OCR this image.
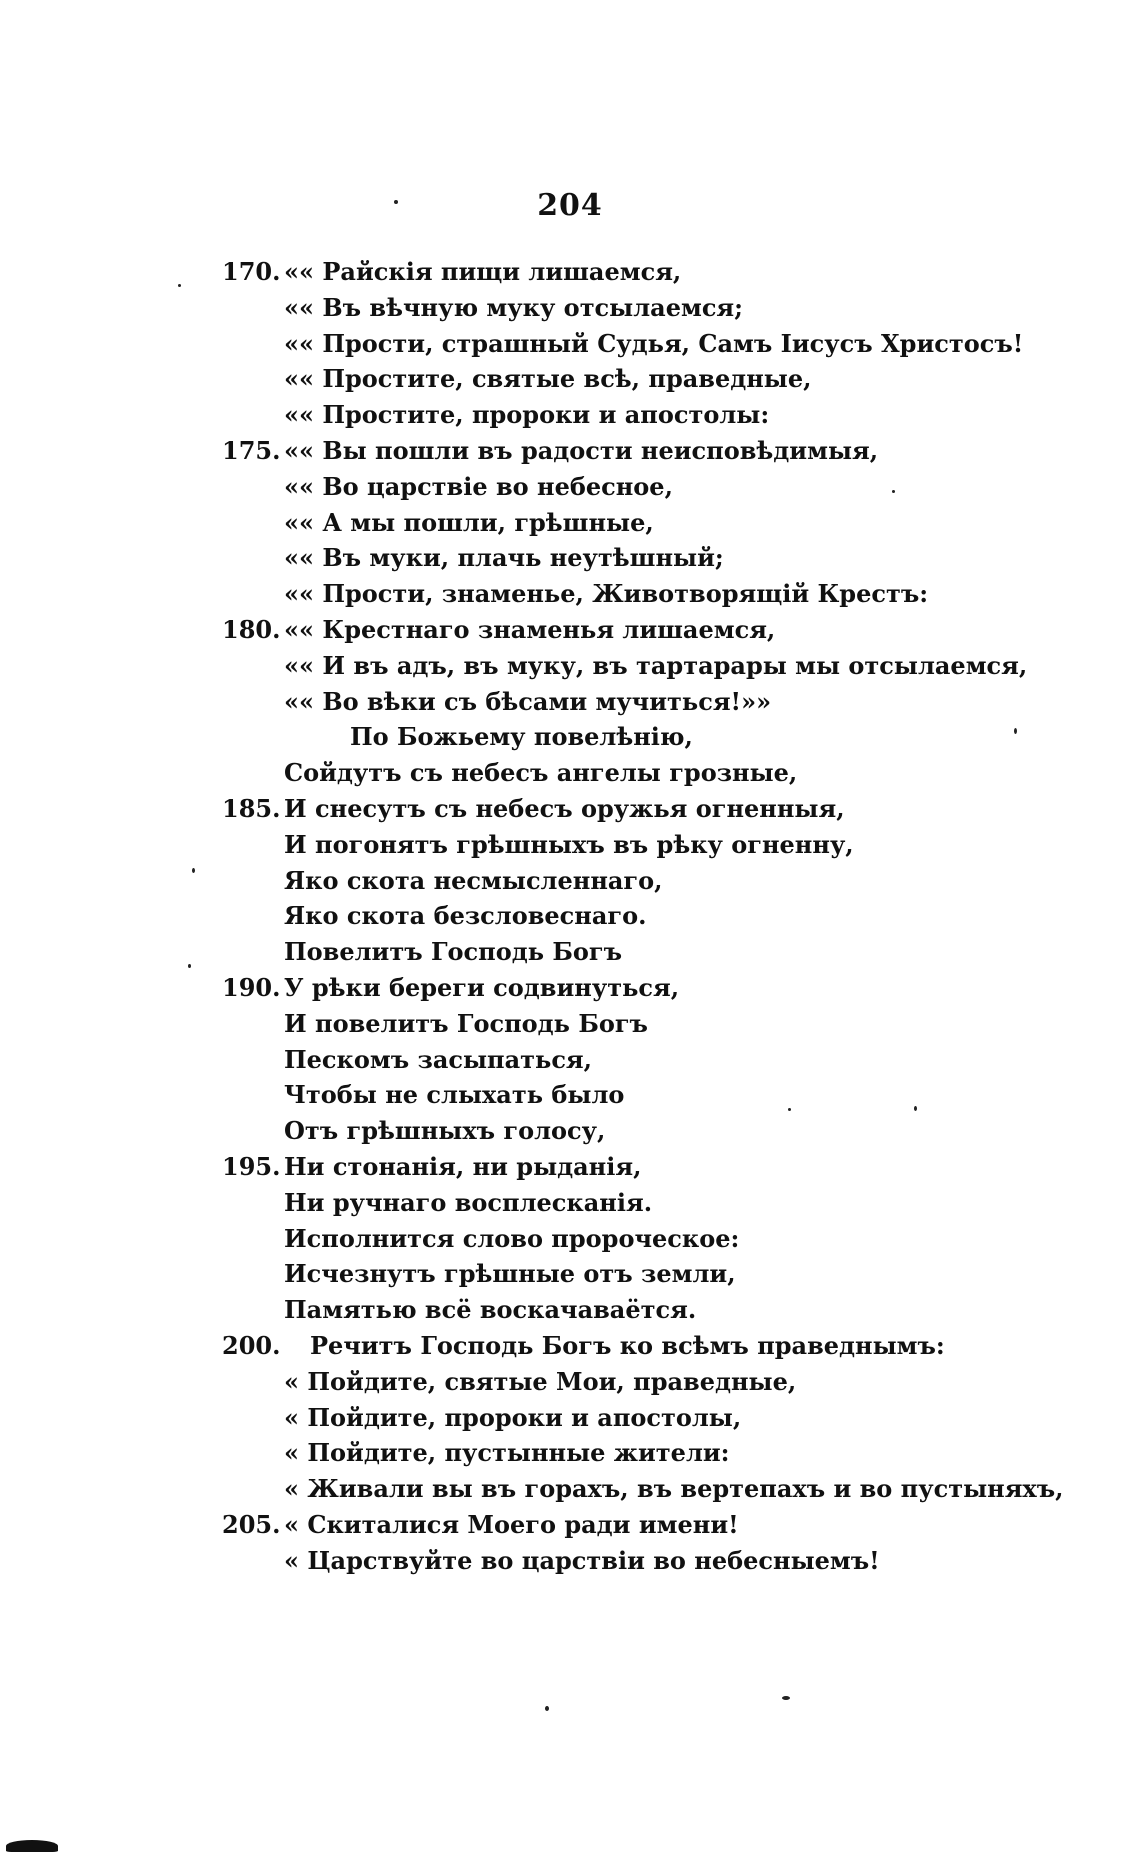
204
170. «« Райскія пищи лишаемся,
«« Въ вѣчную муку отсылаемся;
«« Прости, страшный Судья, Самъ Іисусъ Христосъ!
«« Простите, святые всѣ, праведные,
«« Простите, пророки и апостолы:
175. «« Вы пошли въ радости неисповѣдимыя,
«« Во царствіе во небесное,
«« А мы пошли, грѣшные,
«« Въ муки, плачь неутѣшный;
«« Прости, знаменье, Животворящій Крестъ:
180. «« Крестнаго знаменья лишаемся,
«« И въ адъ, въ муку, въ тартарары мы отсылаемся,
«« Во вѣки съ бѣсами мучиться!»»
По Божьему повелѣнію,
Сойдутъ съ небесъ ангелы грозные,
185. И снесутъ съ небесъ оружья огненныя,
И погонятъ грѣшныхъ въ рѣку огненну,
Яко скота несмысленнаго,
Яко скота безсловеснаго.
Повелитъ Господь Богъ
190. У рѣки береги содвинуться,
И повелитъ Господь Богъ
Пескомъ засыпаться,
Чтобы не слыхать было
Отъ грѣшныхъ голосу,
195. Ни стонанія, ни рыданія,
Ни ручнаго восплесканія.
Исполнится слово пророческое:
Исчезнутъ грѣшные отъ земли,
Памятью всё воскачаваётся.
200. Речитъ Господь Богъ ко всѣмъ праведнымъ:
« Пойдите, святые Мои, праведные,
« Пойдите, пророки и апостолы,
« Пойдите, пустынные жители:
« Живали вы въ горахъ, въ вертепахъ и во пустыняхъ,
205. « Скиталися Моего ради имени!
« Царствуйте во царствіи во небесныемъ!
